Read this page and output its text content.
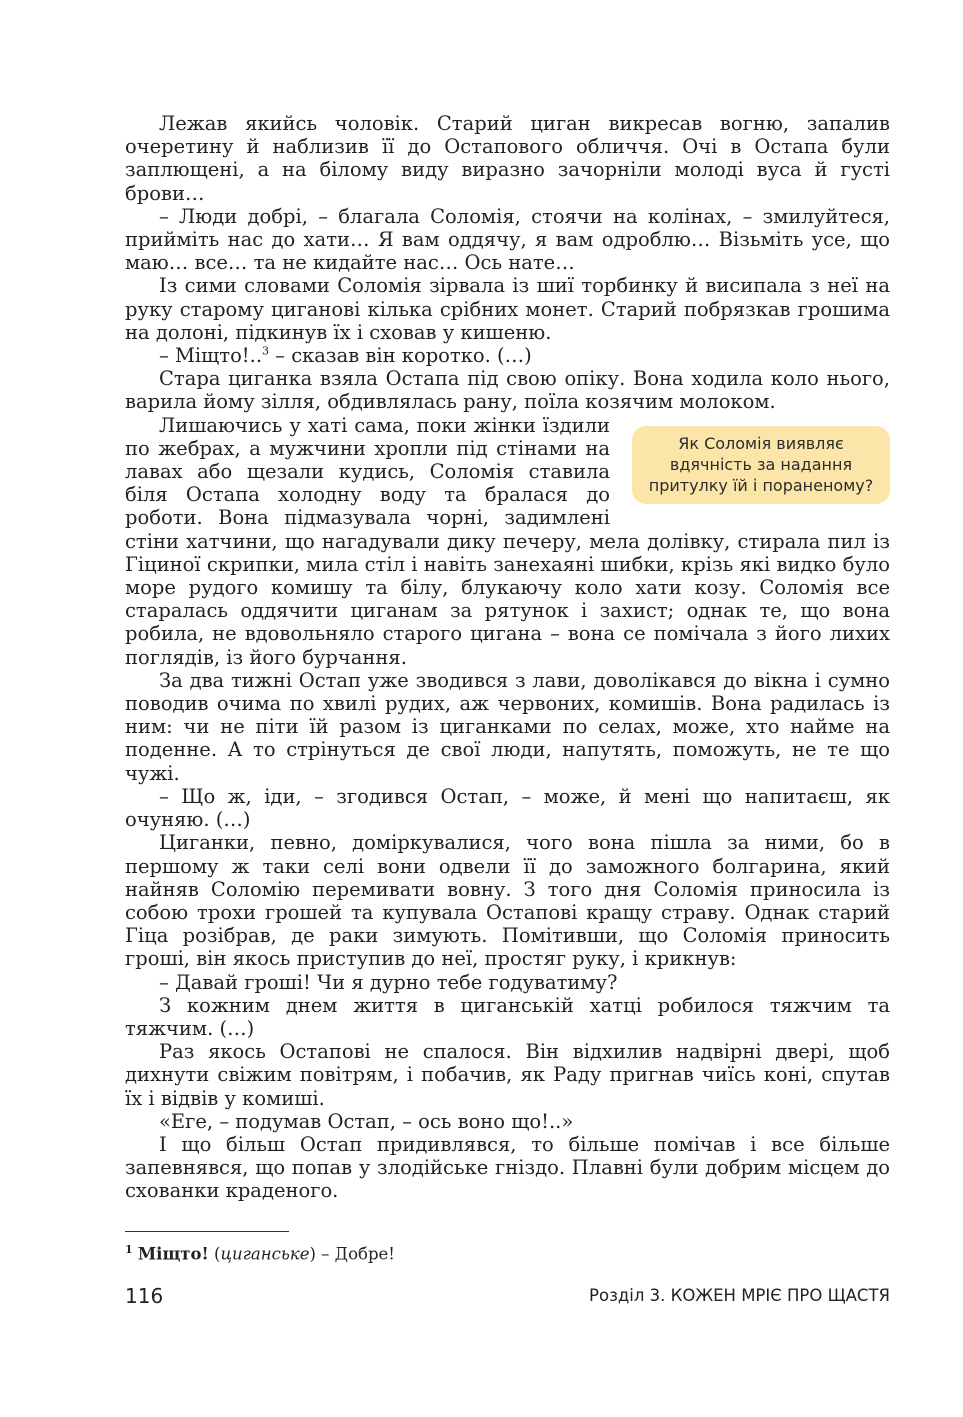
Лежав якийсь чоловік. Старий циган викресав вогню, запалив очеретину й наблизив її до Остапового обличчя. Очі в Остапа були заплющені, а на білому виду виразно зачорніли молоді вуса й густі брови…

– Люди добрі, – благала Соломія, стоячи на колінах, – змилуйтеся, прийміть нас до хати… Я вам оддячу, я вам одроблю… Візьміть усе, що маю… все… та не кидайте нас… Ось нате…

Із сими словами Соломія зірвала із шиї торбинку й висипала з неї на руку старому циганові кілька срібних монет. Старий побрязкав грошима на долоні, підкинув їх і сховав у кишеню.

– Міщто!..$^3$ – сказав він коротко. (…)

Стара циганка взяла Остапа під свою опіку. Вона ходила коло нього, варила йому зілля, обдивлялась рану, поїла козячим молоком.

Як Соломія виявляє вдячність за надання притулку їй і пораненому?
Лишаючись у хаті сама, поки жінки їздили по жебрах, а мужчини хропли під стінами на лавах або щезали кудись, Соломія ставила біля Остапа холодну воду та бралася до роботи. Вона підмазувала чорні, задимлені стіни хатчини, що нагадували дику печеру, мела долівку, стирала пил із Гіциної скрипки, мила стіл і навіть занехаяні шибки, крізь які видко було море рудого комишу та білу, блукаючу коло хати козу. Соломія все старалась оддячити циганам за рятунок і захист; однак те, що вона робила, не вдовольняло старого цигана – вона се помічала з його лихих поглядів, із його бурчання.

За два тижні Остап уже зводився з лави, доволікався до вікна і сумно поводив очима по хвилі рудих, аж червоних, комишів. Вона радилась із ним: чи не піти їй разом із циганками по селах, може, хто найме на поденне. А то стрінуться де свої люди, напутять, поможуть, не те що чужі.

– Що ж, іди, – згодився Остап, – може, й мені що напитаєш, як очуняю. (…)

Циганки, певно, доміркувалися, чого вона пішла за ними, бо в першому ж таки селі вони одвели її до заможного болгарина, який найняв Соломію перемивати вовну. З того дня Соломія приносила із собою трохи грошей та купувала Остапові кращу страву. Однак старий Гіца розібрав, де раки зимують. Помітивши, що Соломія приносить гроші, він якось приступив до неї, простяг руку, і крикнув:

– Давай гроші! Чи я дурно тебе годуватиму?

З кожним днем життя в циганській хатці робилося тяжчим та тяжчим. (…)

Раз якось Остапові не спалося. Він відхилив надвірні двері, щоб дихнути свіжим повітрям, і побачив, як Раду пригнав чиїсь коні, спутав їх і відвів у комиші.

«Еге, – подумав Остап, – ось воно що!..»

І що більш Остап придивлявся, то більше помічав і все більше запевнявся, що попав у злодійське гніздо. Плавні були добрим місцем до схованки краденого.

$^1$ Міщто! (циганське) – Добре!
116	Розділ 3. КОЖЕН МРІЄ ПРО ЩАСТЯ
